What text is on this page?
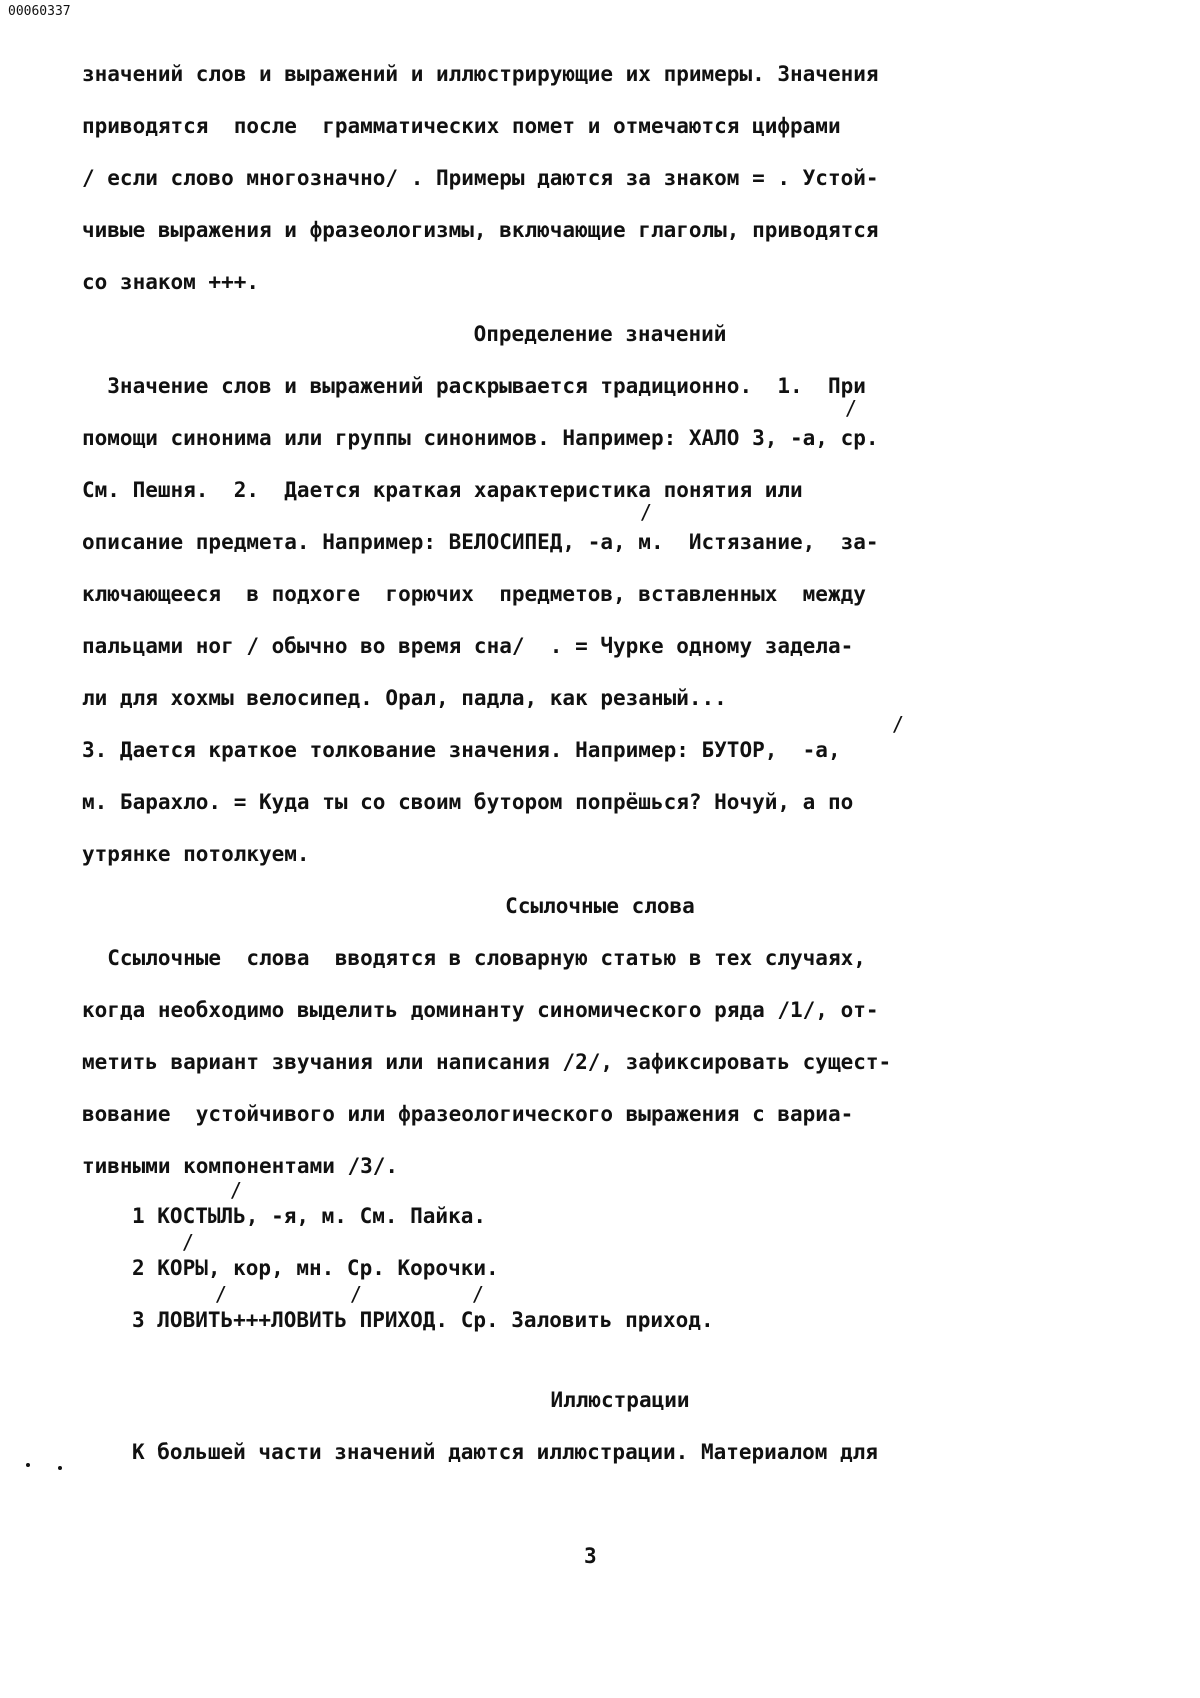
00060337
значений слов и выражений и иллюстрирующие их примеры. Значения
приводятся  после  грамматических помет и отмечаются цифрами
/ если слово многозначно/ . Примеры даются за знаком = . Устой-
чивые выражения и фразеологизмы, включающие глаголы, приводятся
со знаком +++.
Определение значений
Значение слов и выражений раскрывается традиционно.  1.  При
/
помощи синонима или группы синонимов. Например: ХАЛО 3, -а, ср.
См. Пешня.  2.  Дается краткая характеристика понятия или
/
описание предмета. Например: ВЕЛОСИПЕД, -а, м.  Истязание,  за-
ключающееся  в подхоге  горючих  предметов, вставленных  между
пальцами ног / обычно во время сна/  . = Чурке одному задела-
ли для хохмы велосипед. Орал, падла, как резаный...
/
3. Дается краткое толкование значения. Например: БУТОР,  -а,
м. Барахло. = Куда ты со своим бутором попрёшься? Ночуй, а по
утрянке потолкуем.
Ссылочные слова
Ссылочные  слова  вводятся в словарную статью в тех случаях,
когда необходимо выделить доминанту синомического ряда /1/, от-
метить вариант звучания или написания /2/, зафиксировать сущест-
вование  устойчивого или фразеологического выражения с вариа-
тивными компонентами /3/.
/
1 КОСТЫЛЬ, -я, м. См. Пайка.
/
2 КОРЫ, кор, мн. Ср. Корочки.
/	/	/
3 ЛОВИТЬ+++ЛОВИТЬ ПРИХОД. Ср. Заловить приход.
Иллюстрации
К большей части значений даются иллюстрации. Материалом для
3
